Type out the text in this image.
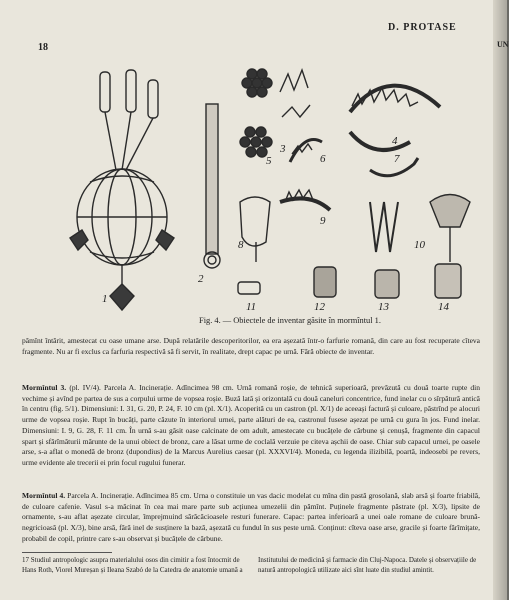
18
D. PROTASE
UN
1
2
3
4
5	6	7
8
9
10
11	12	13	14
Fig. 4. — Obiectele de inventar găsite în mormîntul 1.
pămînt întărit, amestecat cu oase umane arse. După relatările descoperitorilor, ea era așezată într-o farfurie romană, din care au fost recuperate cîteva fragmente. Nu ar fi exclus ca farfuria respectivă să fi servit, în realitate, drept capac pe urnă. Fără obiecte de inventar.
Mormîntul 3. (pl. IV/4). Parcela A. Incinerație. Adîncimea 98 cm. Urnă romană roșie, de tehnică superioară, prevăzută cu două toarte rupte din vechime și avînd pe partea de sus a corpului urme de vopsea roșie. Buză lată și orizontală cu două caneluri concentrice, fund inelar cu o sîrpătură antică în centru (fig. 5/1). Dimensiuni: I. 31, G. 20, P. 24, F. 10 cm (pl. X/1). Acoperită cu un castron (pl. X/1) de aceeași factură și culoare, păstrînd pe alocuri urme de vopsea roșie. Rupt în bucăți, parte căzute în interiorul urnei, parte alături de ea, castronul fusese așezat pe urnă cu gura în jos. Fund inelar. Dimensiuni: I. 9, G. 28, F. 11 cm. În urnă s-au găsit oase calcinate de om adult, amestecate cu bucățele de cărbune și cenușă, fragmente din capacul spart și sfărîmăturii mărunte de la unui obiect de bronz, care a lăsat urme de coclală verzuie pe citeva așchii de oase. Chiar sub capacul urnei, pe oasele arse, s-a aflat o monedă de bronz (dupondius) de la Marcus Aurelius caesar (pl. XXXVI/4). Moneda, cu legenda ilizibilă, poartă, indeosebi pe revers, urme evidente ale trecerii ei prin focul rugului funerar.
Mormîntul 4. Parcela A. Incinerație. Adîncimea 85 cm. Urna o constituie un vas dacic modelat cu mîna din pastă grosolană, slab arsă și foarte friabilă, de culoare cafenie. Vasul s-a măcinat în cea mai mare parte sub acțiunea umezelii din pămînt. Puținele fragmente păstrate (pl. X/3), lipsite de ornamente, s-au aflat așezate circular, împrejmuind sărăcăcioasele resturi funerare. Capac: partea inferioară a unei oale romane de culoare brună-negricioasă (pl. X/3), bine arsă, fără inel de susținere la bază, așezată cu fundul în sus peste urnă. Conținut: cîteva oase arse, gracile și foarte fărîmițate, probabil de copil, printre care s-au observat și bucățele de cărbune.
17 Studiul antropologic asupra materialului osos din cimitir a fost întocmit de Hans Roth, Viorel Mureșan și Ileana Szabó de la Catedra de anatomie umană a
Institutului de medicină și farmacie din Cluj-Napoca. Datele și observațiile de natură antropologică utilizate aici sînt luate din studiul amintit.
